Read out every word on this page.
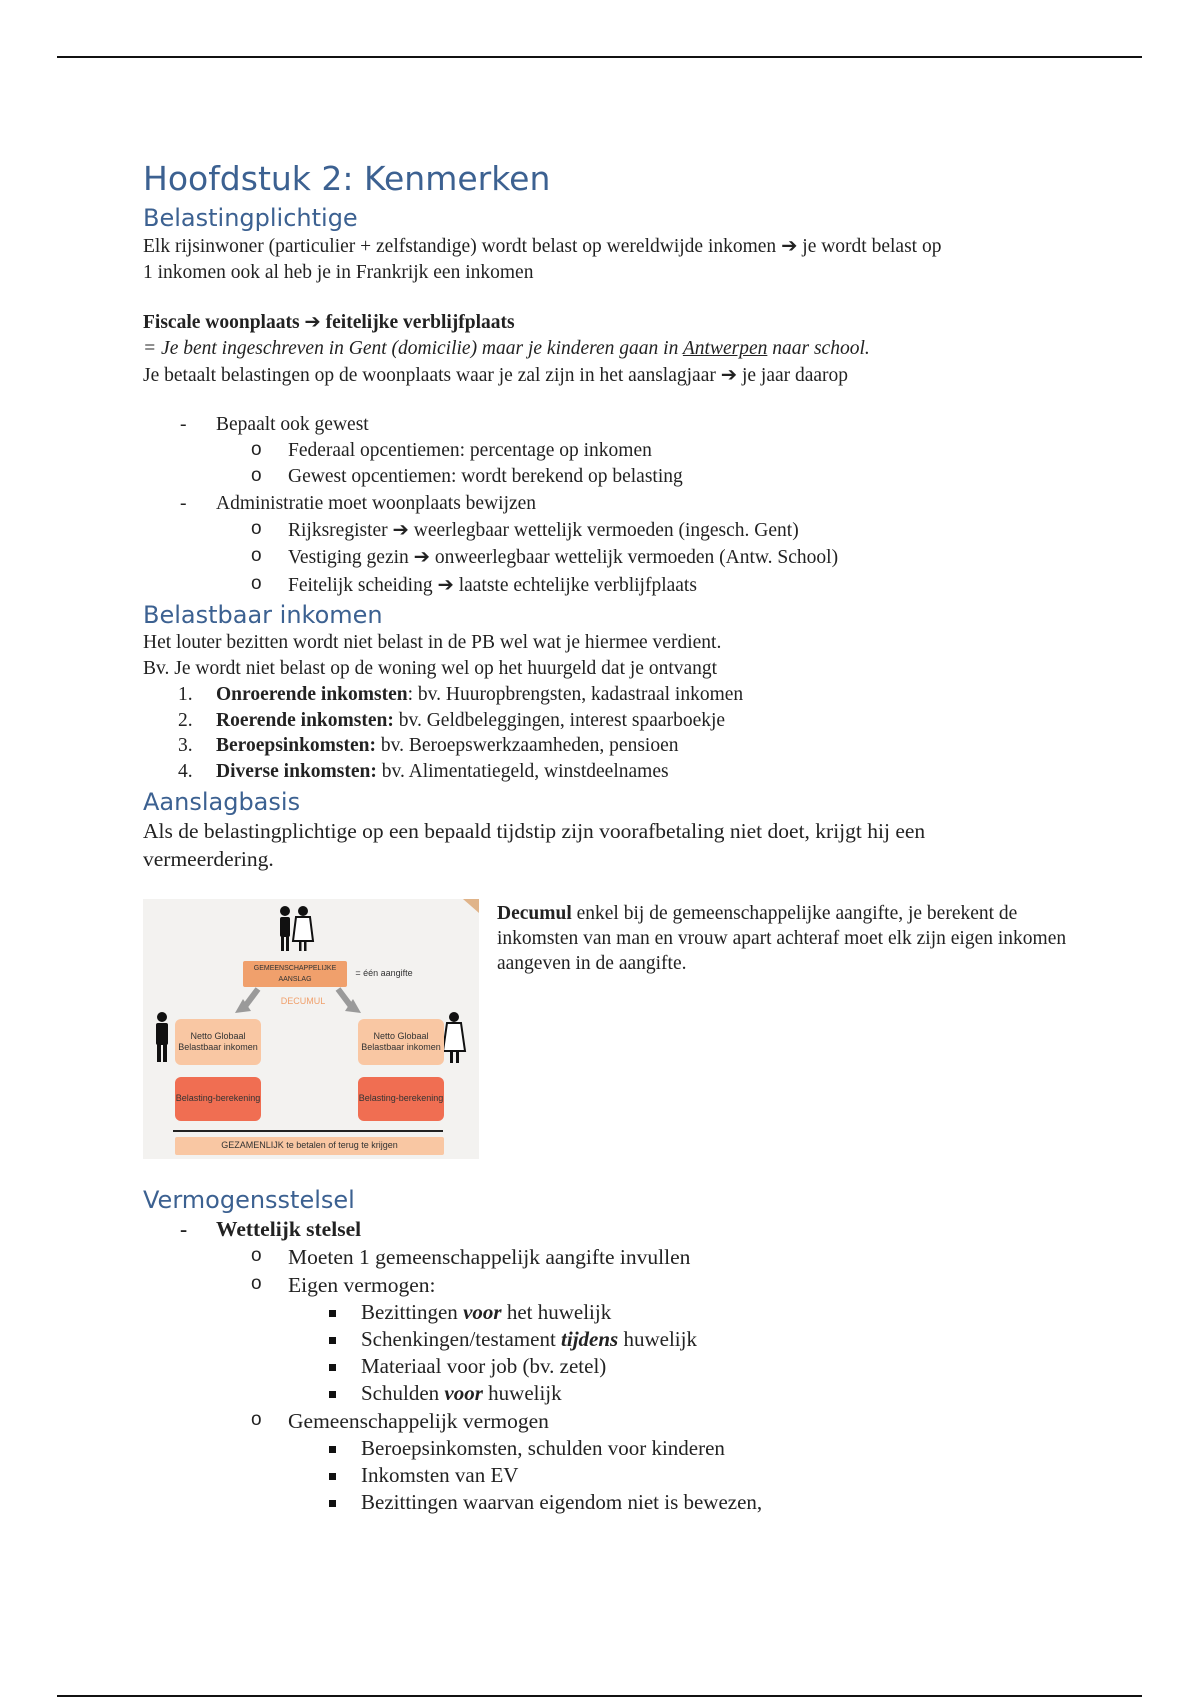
Hoofdstuk 2: Kenmerken
Belastingplichtige

Elk rijsinwoner (particulier + zelfstandige) wordt belast op wereldwijde inkomen ➔ je wordt belast op
1 inkomen ook al heb je in Frankrijk een inkomen

Fiscale woonplaats ➔ feitelijke verblijfplaats

= Je bent ingeschreven in Gent (domicilie) maar je kinderen gaan in Antwerpen naar school.

Je betaalt belastingen op de woonplaats waar je zal zijn in het aanslagjaar ➔ je jaar daarop

- Bepaalt ook gewest
o Federaal opcentiemen: percentage op inkomen
o Gewest opcentiemen: wordt berekend op belasting
- Administratie moet woonplaats bewijzen
o Rijksregister ➔ weerlegbaar wettelijk vermoeden (ingesch. Gent)
o Vestiging gezin ➔ onweerlegbaar wettelijk vermoeden (Antw. School)
o Feitelijk scheiding ➔ laatste echtelijke verblijfplaats
Belastbaar inkomen

Het louter bezitten wordt niet belast in de PB wel wat je hiermee verdient.

Bv. Je wordt niet belast op de woning wel op het huurgeld dat je ontvangt

1. Onroerende inkomsten: bv. Huuropbrengsten, kadastraal inkomen
2. Roerende inkomsten: bv. Geldbeleggingen, interest spaarboekje
3. Beroepsinkomsten: bv. Beroepswerkzaamheden, pensioen
4. Diverse inkomsten: bv. Alimentatiegeld, winstdeelnames
Aanslagbasis

Als de belastingplichtige op een bepaald tijdstip zijn voorafbetaling niet doet, krijgt hij een vermeerdering.

GEMEENSCHAPPELIJKE AANSLAG
= één aangifte
DECUMUL
Netto Globaal Belastbaar inkomen
Netto Globaal Belastbaar inkomen
Belasting-berekening	Belasting-berekening
GEZAMENLIJK te betalen of terug te krijgen

Decumul enkel bij de gemeenschappelijke aangifte, je berekent de inkomsten van man en vrouw apart achteraf moet elk zijn eigen inkomen aangeven in de aangifte.

Vermogensstelsel
- Wettelijk stelsel
o Moeten 1 gemeenschappelijk aangifte invullen
o Eigen vermogen:
Bezittingen voor het huwelijk
Schenkingen/testament tijdens huwelijk
Materiaal voor job (bv. zetel)
Schulden voor huwelijk
o Gemeenschappelijk vermogen
Beroepsinkomsten, schulden voor kinderen
Inkomsten van EV
Bezittingen waarvan eigendom niet is bewezen,
